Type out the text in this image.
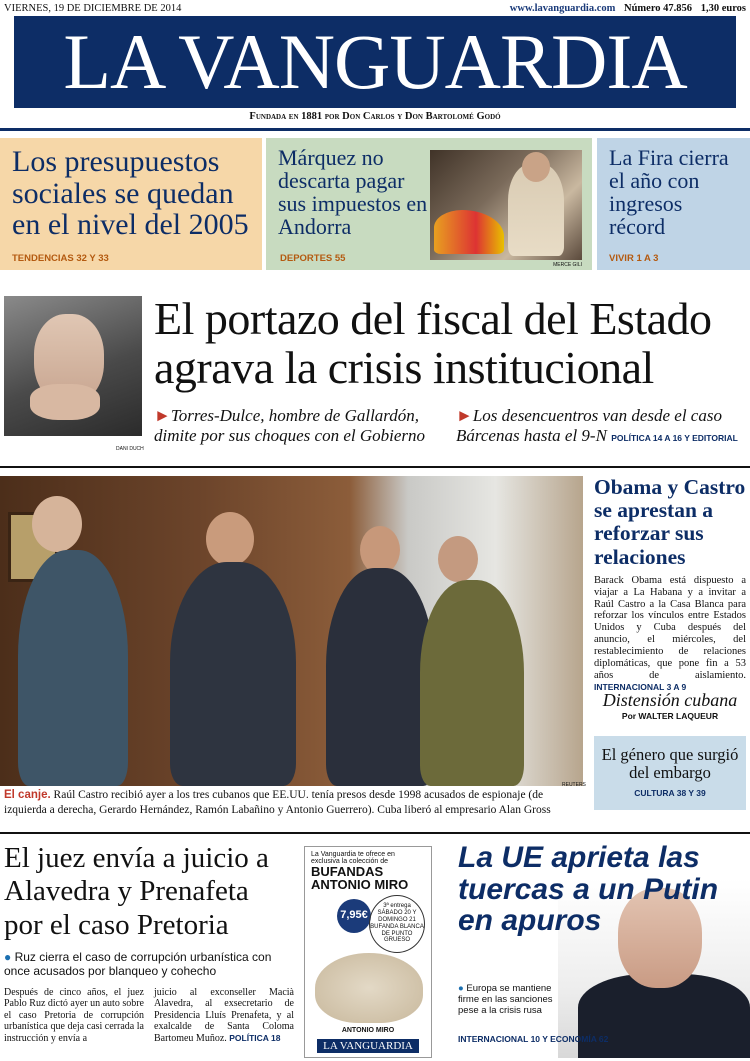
VIERNES, 19 DE DICIEMBRE DE 2014	www.lavanguardia.com Número 47.856 1,30 euros
LA VANGUARDIA
Fundada en 1881 por Don Carlos y Don Bartolomé Godó
Los presupuestos sociales se quedan en el nivel del 2005
TENDENCIAS 32 Y 33
Márquez no descarta pagar sus impuestos en Andorra
MERCE GILI
DEPORTES 55
La Fira cierra el año con ingresos récord
VIVIR 1 A 3
DANI DUCH
El portazo del fiscal del Estado agrava la crisis institucional
►Torres-Dulce, hombre de Gallardón, dimite por sus choques con el Gobierno
►Los desencuentros van desde el caso Bárcenas hasta el 9-N POLÍTICA 14 A 16 Y EDITORIAL
REUTERS
El canje. Raúl Castro recibió ayer a los tres cubanos que EE.UU. tenía presos desde 1998 acusados de espionaje (de izquierda a derecha, Gerardo Hernández, Ramón Labañino y Antonio Guerrero). Cuba liberó al empresario Alan Gross
Obama y Castro se aprestan a reforzar sus relaciones

Barack Obama está dispuesto a viajar a La Habana y a invitar a Raúl Castro a la Casa Blanca para reforzar los vínculos entre Estados Unidos y Cuba después del anuncio, el miércoles, del restablecimiento de relaciones diplomáticas, que pone fin a 53 años de aislamiento. INTERNACIONAL 3 A 9

Distensión cubana
Por WALTER LAQUEUR
El género que surgió del embargo
CULTURA 38 Y 39
El juez envía a juicio a Alavedra y Prenafeta por el caso Pretoria
● Ruz cierra el caso de corrupción urbanística con once acusados por blanqueo y cohecho

Después de cinco años, el juez Pablo Ruz dictó ayer un auto sobre el caso Pretoria de corrupción urbanística que deja casi cerrada la instrucción y envía a

juicio al exconseller Macià Alavedra, al exsecretario de Presidencia Lluís Prenafeta, y al exalcalde de Santa Coloma Bartomeu Muñoz. POLÍTICA 18

La Vanguardia te ofrece en exclusiva la colección de
BUFANDAS ANTONIO MIRO
7,95€
3ª entrega SÁBADO 20 Y DOMINGO 21 BUFANDA BLANCA DE PUNTO GRUESO
ANTONIO MIRO
LA VANGUARDIA
La UE aprieta las tuercas a un Putin en apuros
● Europa se mantiene firme en las sanciones pese a la crisis rusa
INTERNACIONAL 10 Y ECONOMÍA 62
